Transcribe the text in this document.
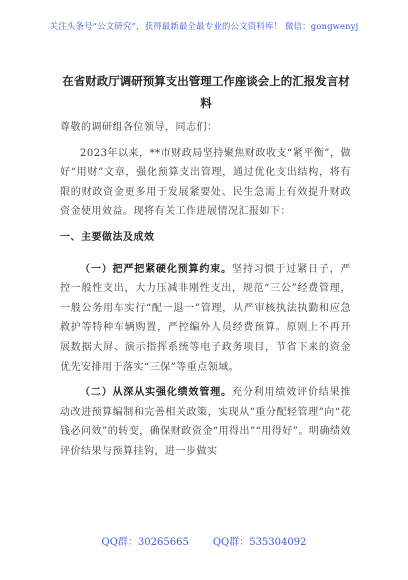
关注头条号“公文研究”，获得最新最全最专业的公文资料库！ 微信：gongwenyj
在省财政厅调研预算支出管理工作座谈会上的汇报发言材料

尊敬的调研组各位领导，同志们：

2023年以来，**市财政局坚持聚焦财政收支“紧平衡”，做好“用财”文章，强化预算支出管理，通过优化支出结构，将有限的财政资金更多用于发展紧要处、民生急需上有效提升财政资金使用效益。现将有关工作进展情况汇报如下：

一、主要做法及成效

（一）把严把紧硬化预算约束。坚持习惯于过紧日子，严控一般性支出，大力压减非刚性支出，规范“三公”经费管理，一般公务用车实行“配一退一”管理，从严审核执法执勤和应急救护等特种车辆购置，严控编外人员经费预算。原则上不再开展数据大屏、演示指挥系统等电子政务项目，节省下来的资金优先安排用于落实“三保”等重点领域。

（二）从深从实强化绩效管理。充分利用绩效评价结果推动改进预算编制和完善相关政策，实现从“重分配轻管理”向“花钱必问效”的转变，确保财政资金“用得出”“用得好”。明确绩效评价结果与预算挂钩，进一步做实

QQ群：30265665 QQ群：535304092
